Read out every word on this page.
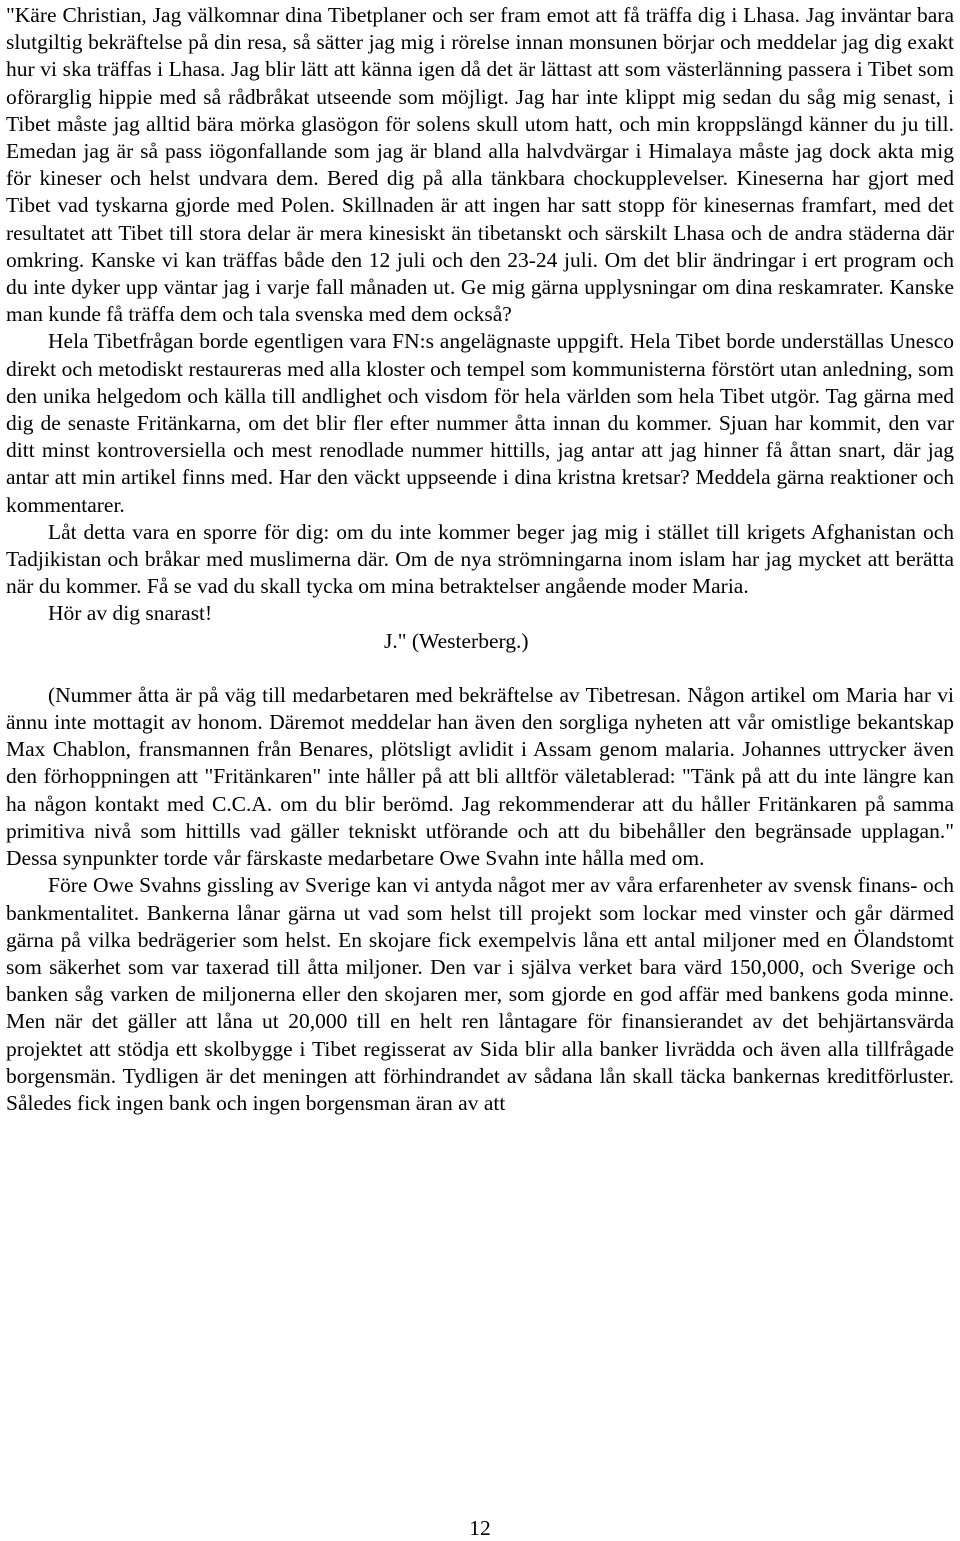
"Käre Christian, Jag välkomnar dina Tibetplaner och ser fram emot att få träffa dig i Lhasa. Jag inväntar bara slutgiltig bekräftelse på din resa, så sätter jag mig i rörelse innan monsunen börjar och meddelar jag dig exakt hur vi ska träffas i Lhasa. Jag blir lätt att känna igen då det är lättast att som västerlänning passera i Tibet som oförarglig hippie med så rådbråkat utseende som möjligt. Jag har inte klippt mig sedan du såg mig senast, i Tibet måste jag alltid bära mörka glasögon för solens skull utom hatt, och min kroppslängd känner du ju till. Emedan jag är så pass iögonfallande som jag är bland alla halvdvärgar i Himalaya måste jag dock akta mig för kineser och helst undvara dem. Bered dig på alla tänkbara chockupplevelser. Kineserna har gjort med Tibet vad tyskarna gjorde med Polen. Skillnaden är att ingen har satt stopp för kinesernas framfart, med det resultatet att Tibet till stora delar är mera kinesiskt än tibetanskt och särskilt Lhasa och de andra städerna där omkring. Kanske vi kan träffas både den 12 juli och den 23-24 juli. Om det blir ändringar i ert program och du inte dyker upp väntar jag i varje fall månaden ut. Ge mig gärna upplysningar om dina reskamrater. Kanske man kunde få träffa dem och tala svenska med dem också?

Hela Tibetfrågan borde egentligen vara FN:s angelägnaste uppgift. Hela Tibet borde underställas Unesco direkt och metodiskt restaureras med alla kloster och tempel som kommunisterna förstört utan anledning, som den unika helgedom och källa till andlighet och visdom för hela världen som hela Tibet utgör. Tag gärna med dig de senaste Fritänkarna, om det blir fler efter nummer åtta innan du kommer. Sjuan har kommit, den var ditt minst kontroversiella och mest renodlade nummer hittills, jag antar att jag hinner få åttan snart, där jag antar att min artikel finns med. Har den väckt uppseende i dina kristna kretsar? Meddela gärna reaktioner och kommentarer.

Låt detta vara en sporre för dig: om du inte kommer beger jag mig i stället till krigets Afghanistan och Tadjikistan och bråkar med muslimerna där. Om de nya strömningarna inom islam har jag mycket att berätta när du kommer. Få se vad du skall tycka om mina betraktelser angående moder Maria.

Hör av dig snarast!

J." (Westerberg.)

(Nummer åtta är på väg till medarbetaren med bekräftelse av Tibetresan. Någon artikel om Maria har vi ännu inte mottagit av honom. Däremot meddelar han även den sorgliga nyheten att vår omistlige bekantskap Max Chablon, fransmannen från Benares, plötsligt avlidit i Assam genom malaria. Johannes uttrycker även den förhoppningen att "Fritänkaren" inte håller på att bli alltför väletablerad: "Tänk på att du inte längre kan ha någon kontakt med C.C.A. om du blir berömd. Jag rekommenderar att du håller Fritänkaren på samma primitiva nivå som hittills vad gäller tekniskt utförande och att du bibehåller den begränsade upplagan." Dessa synpunkter torde vår färskaste medarbetare Owe Svahn inte hålla med om.

Före Owe Svahns gissling av Sverige kan vi antyda något mer av våra erfarenheter av svensk finans- och bankmentalitet. Bankerna lånar gärna ut vad som helst till projekt som lockar med vinster och går därmed gärna på vilka bedrägerier som helst. En skojare fick exempelvis låna ett antal miljoner med en Ölandstomt som säkerhet som var taxerad till åtta miljoner. Den var i själva verket bara värd 150,000, och Sverige och banken såg varken de miljonerna eller den skojaren mer, som gjorde en god affär med bankens goda minne. Men när det gäller att låna ut 20,000 till en helt ren låntagare för finansierandet av det behjärtansvärda projektet att stödja ett skolbygge i Tibet regisserat av Sida blir alla banker livrädda och även alla tillfrågade borgensmän. Tydligen är det meningen att förhindrandet av sådana lån skall täcka bankernas kreditförluster. Således fick ingen bank och ingen borgensman äran av att

12
